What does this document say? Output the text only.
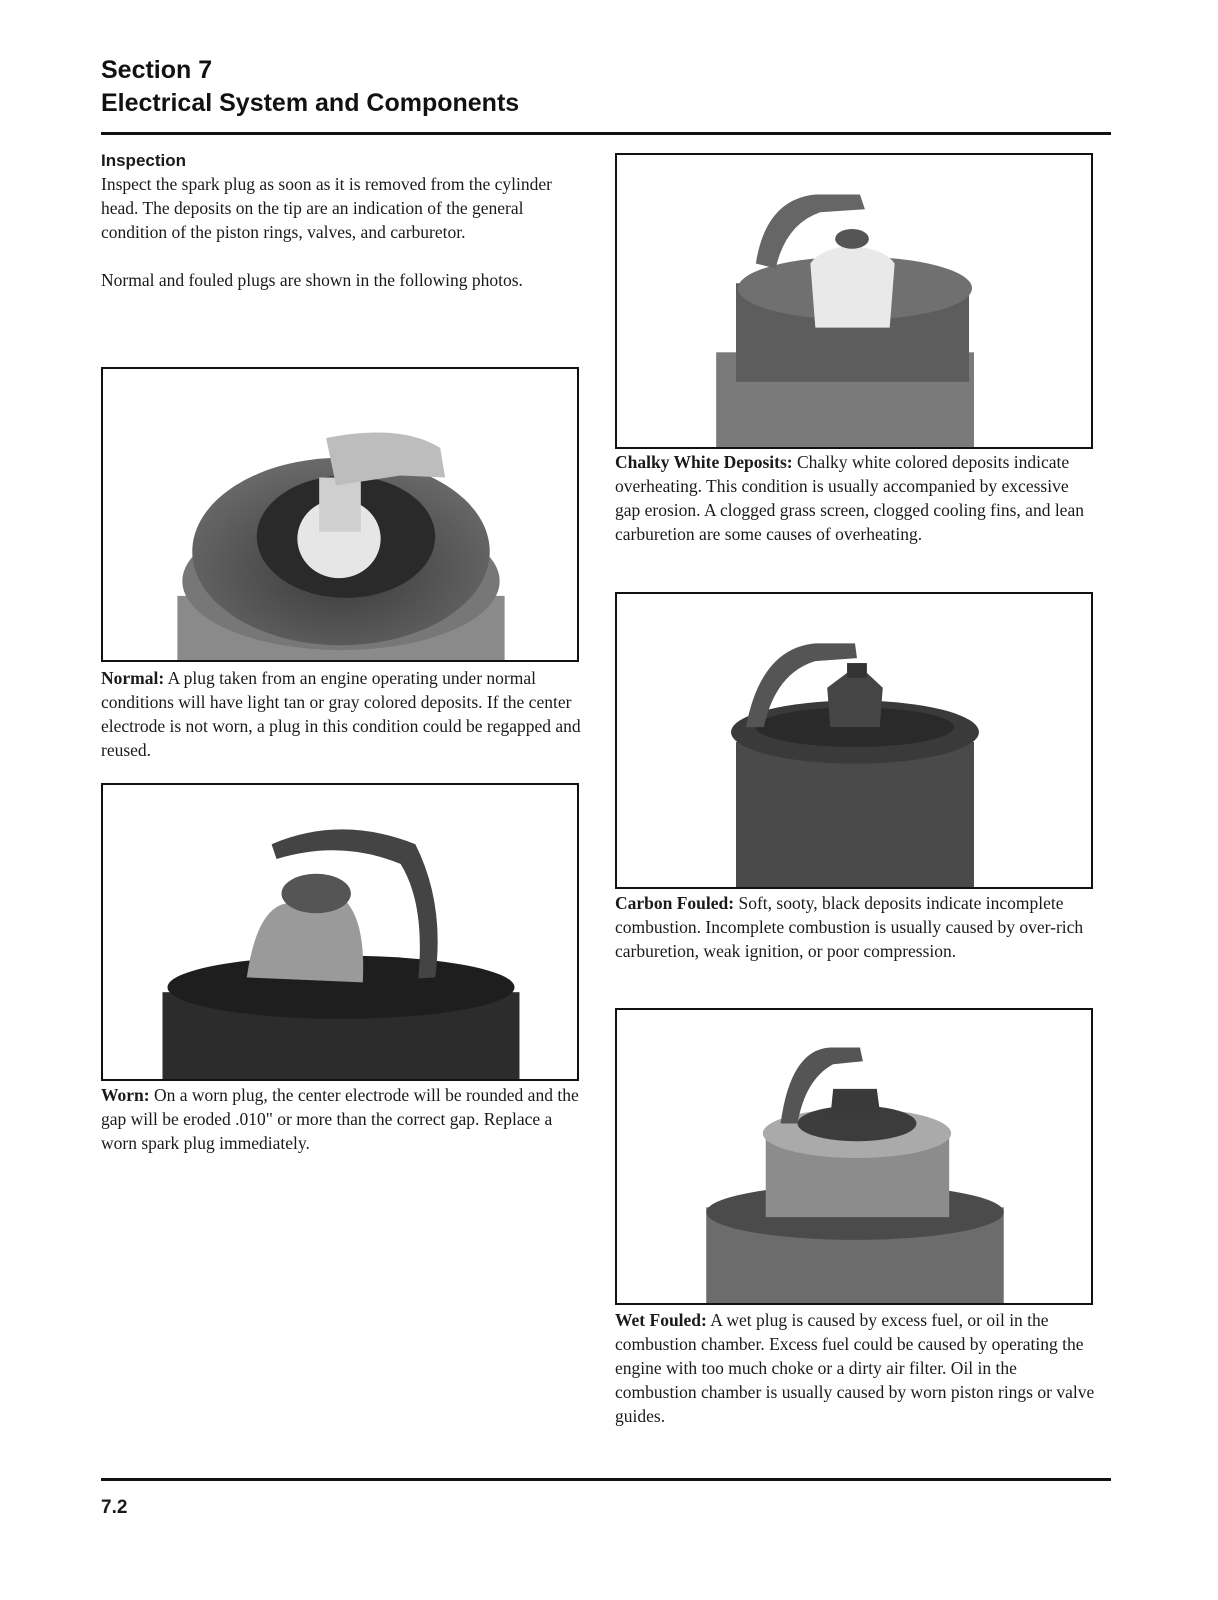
Section 7
Electrical System and Components
Inspection

Inspect the spark plug as soon as it is removed from the cylinder head. The deposits on the tip are an indication of the general condition of the piston rings, valves, and carburetor.

Normal and fouled plugs are shown in the following photos.

Normal: A plug taken from an engine operating under normal conditions will have light tan or gray colored deposits. If the center electrode is not worn, a plug in this condition could be regapped and reused.
Worn: On a worn plug, the center electrode will be rounded and the gap will be eroded .010" or more than the correct gap. Replace a worn spark plug immediately.
Chalky White Deposits: Chalky white colored deposits indicate overheating. This condition is usually accompanied by excessive gap erosion. A clogged grass screen, clogged cooling fins, and lean carburetion are some causes of overheating.
Carbon Fouled: Soft, sooty, black deposits indicate incomplete combustion. Incomplete combustion is usually caused by over-rich carburetion, weak ignition, or poor compression.
Wet Fouled: A wet plug is caused by excess fuel, or oil in the combustion chamber. Excess fuel could be caused by operating the engine with too much choke or a dirty air filter. Oil in the combustion chamber is usually caused by worn piston rings or valve guides.
7.2
